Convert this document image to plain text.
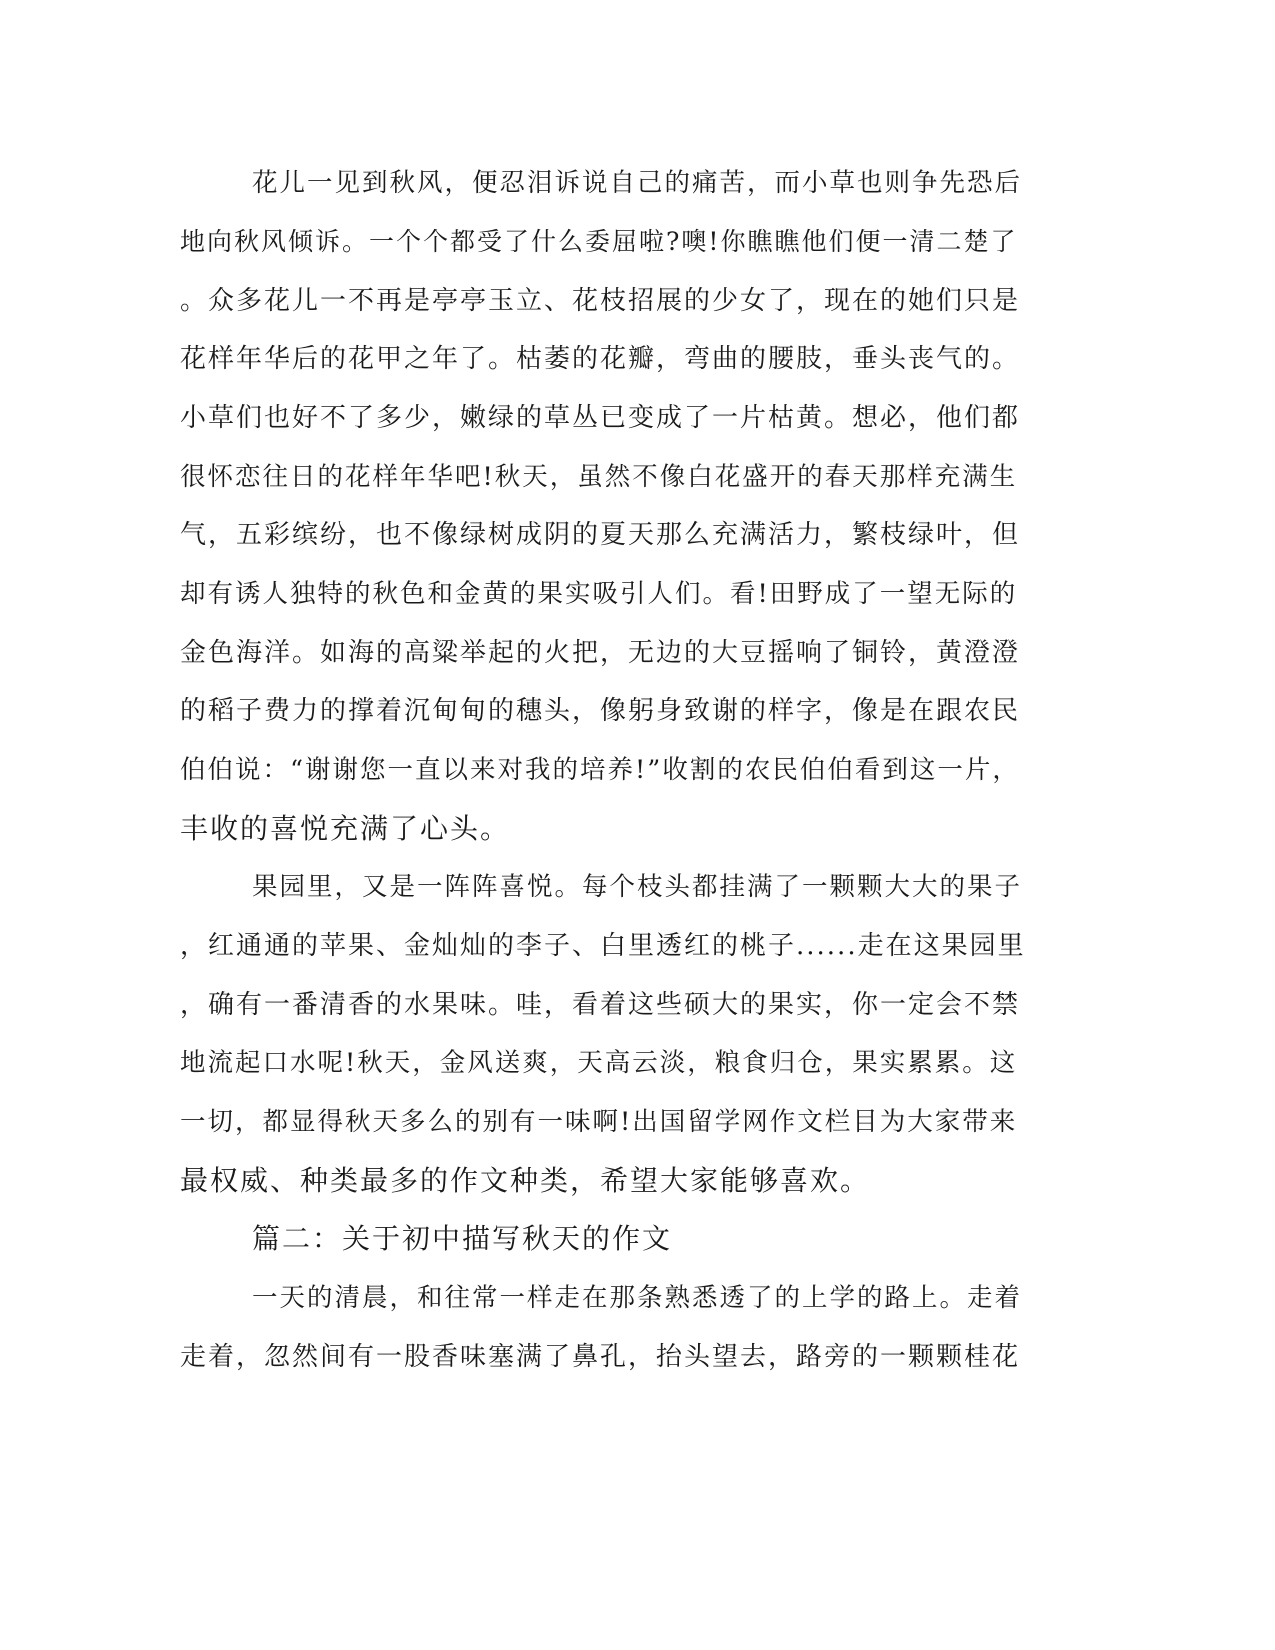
花儿一见到秋风，便忍泪诉说自己的痛苦，而小草也则争先恐后
地向秋风倾诉。一个个都受了什么委屈啦?噢!你瞧瞧他们便一清二楚了
。众多花儿一不再是亭亭玉立、花枝招展的少女了，现在的她们只是
花样年华后的花甲之年了。枯萎的花瓣，弯曲的腰肢，垂头丧气的。
小草们也好不了多少，嫩绿的草丛已变成了一片枯黄。想必，他们都
很怀恋往日的花样年华吧!秋天，虽然不像白花盛开的春天那样充满生
气，五彩缤纷，也不像绿树成阴的夏天那么充满活力，繁枝绿叶，但
却有诱人独特的秋色和金黄的果实吸引人们。看!田野成了一望无际的
金色海洋。如海的高粱举起的火把，无边的大豆摇响了铜铃，黄澄澄
的稻子费力的撑着沉甸甸的穗头，像躬身致谢的样字，像是在跟农民
伯伯说：“谢谢您一直以来对我的培养!”收割的农民伯伯看到这一片，
丰收的喜悦充满了心头。
果园里，又是一阵阵喜悦。每个枝头都挂满了一颗颗大大的果子
，红通通的苹果、金灿灿的李子、白里透红的桃子......走在这果园里
，确有一番清香的水果味。哇，看着这些硕大的果实，你一定会不禁
地流起口水呢!秋天，金风送爽，天高云淡，粮食归仓，果实累累。这
一切，都显得秋天多么的别有一味啊!出国留学网作文栏目为大家带来
最权威、种类最多的作文种类，希望大家能够喜欢。
篇二：关于初中描写秋天的作文
一天的清晨，和往常一样走在那条熟悉透了的上学的路上。走着
走着，忽然间有一股香味塞满了鼻孔，抬头望去，路旁的一颗颗桂花
